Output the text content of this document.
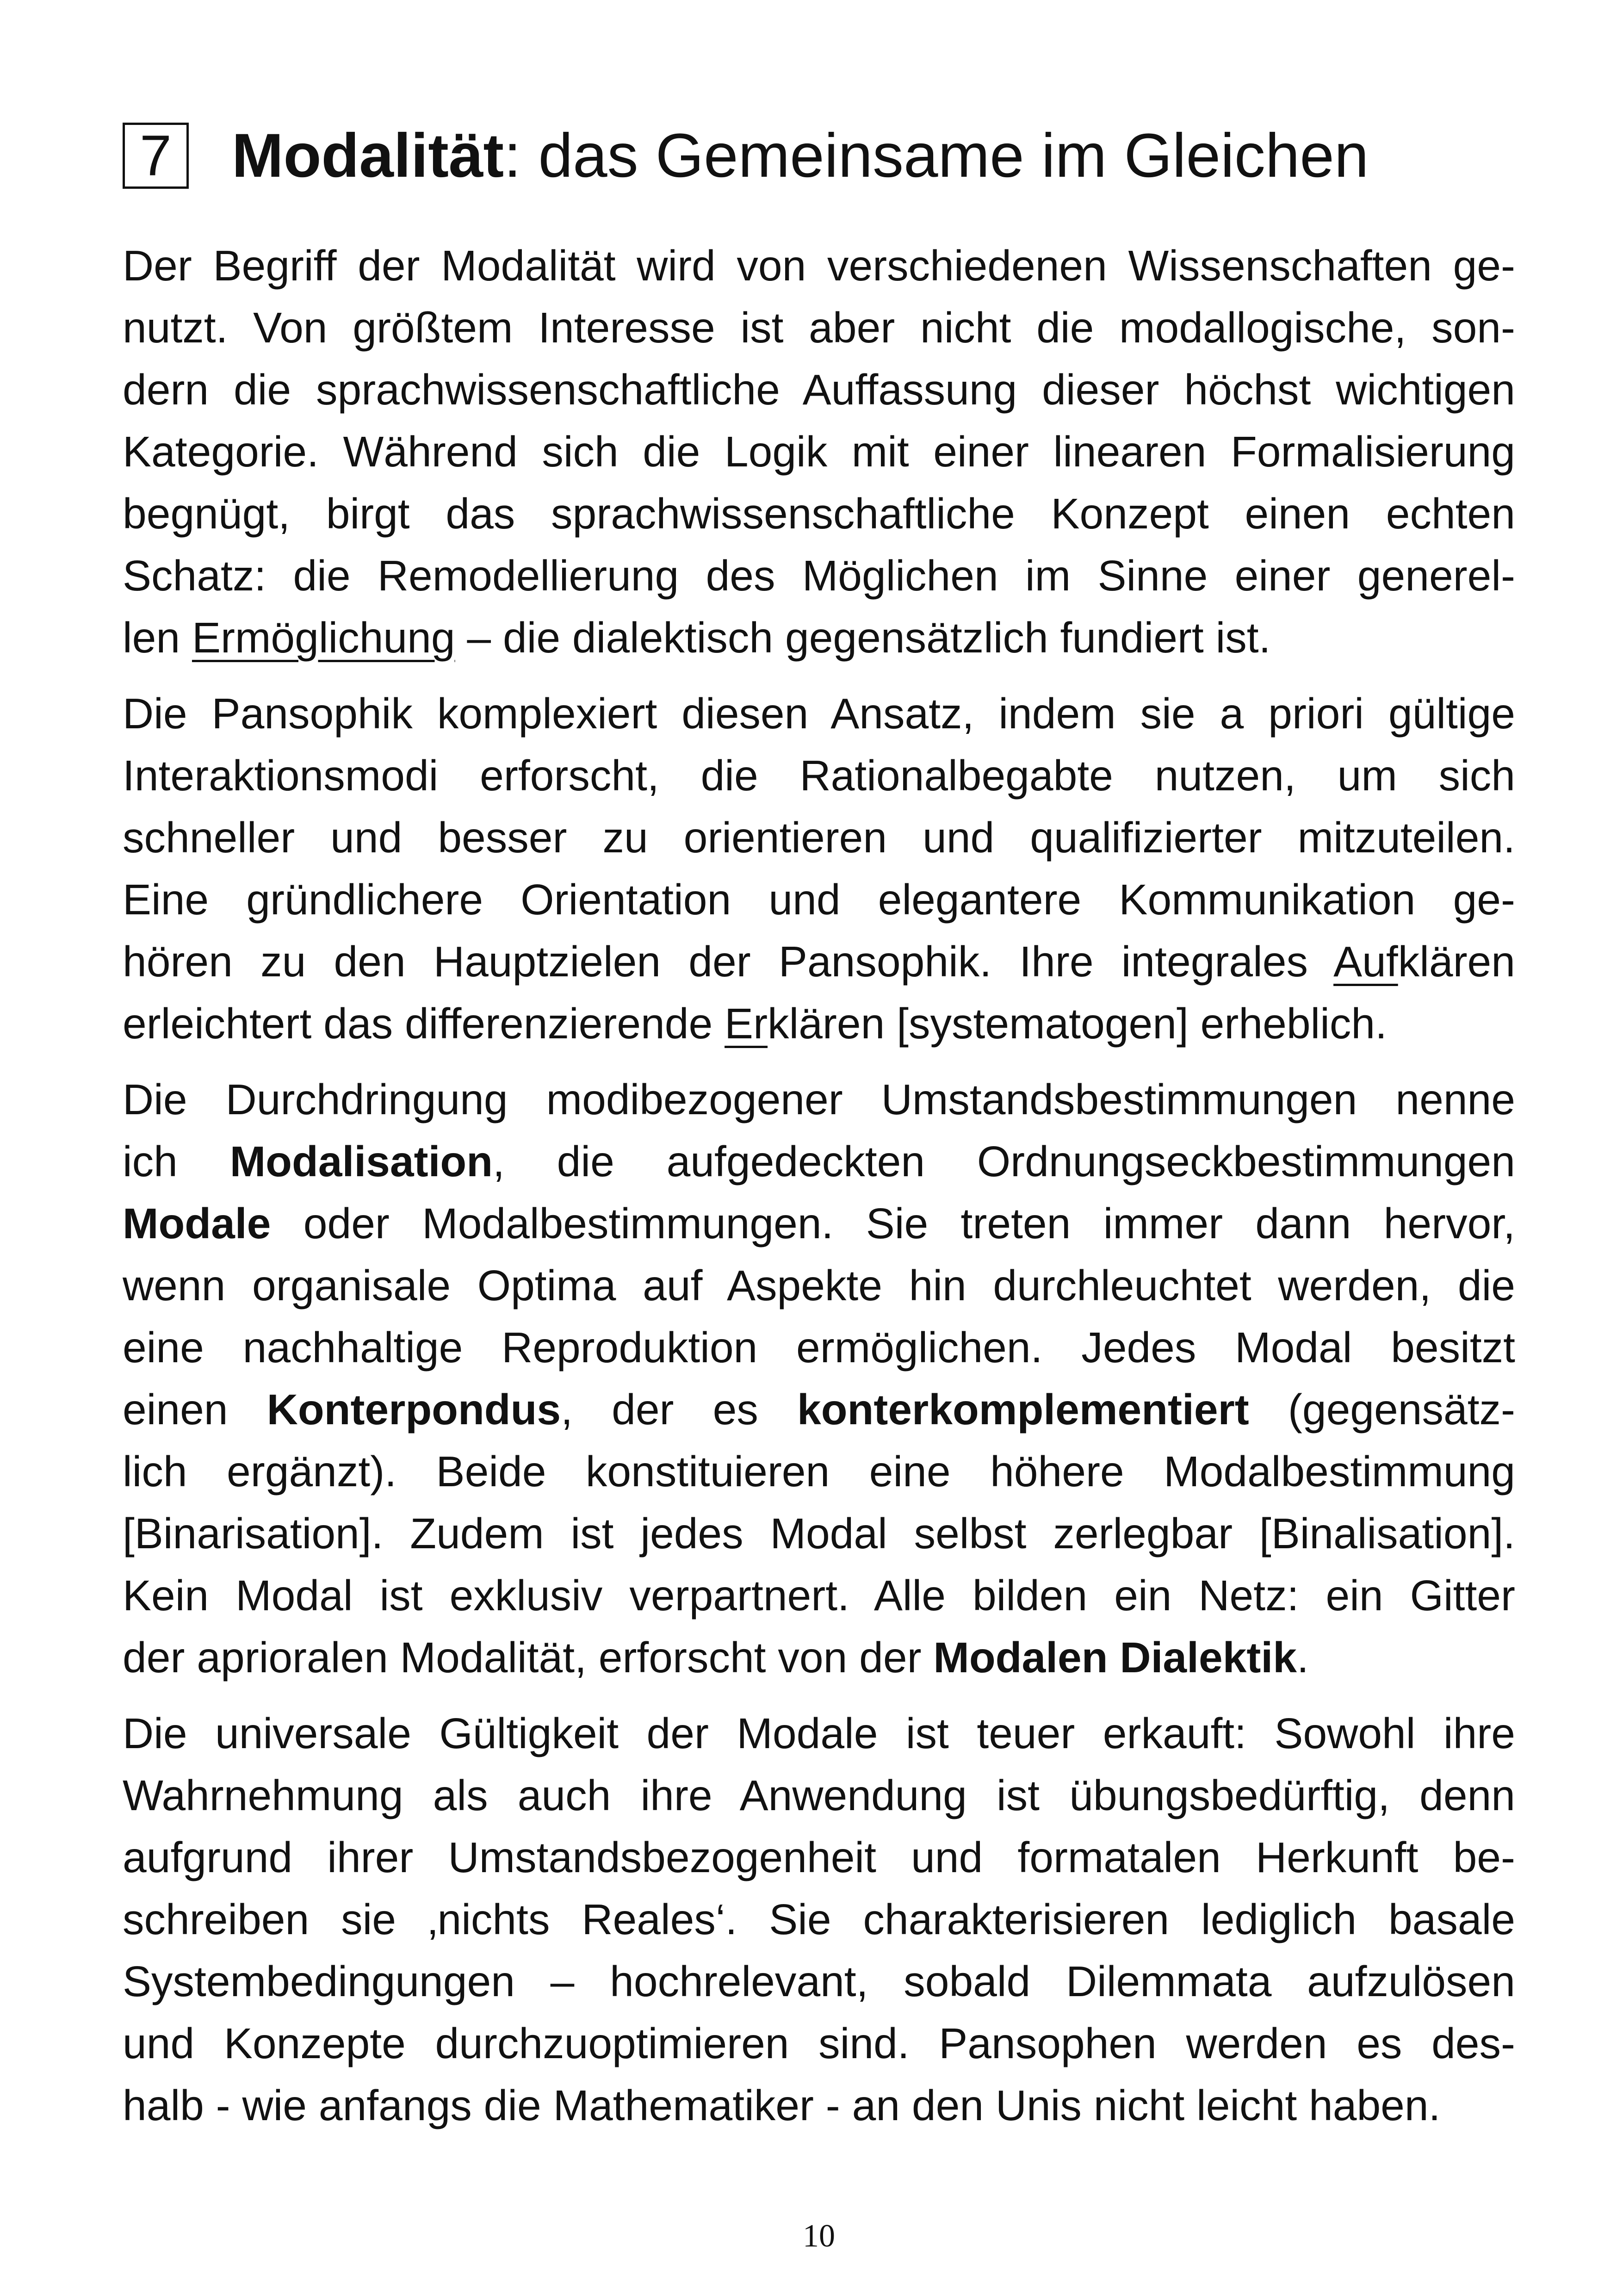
7 Modalität: das Gemeinsame im Gleichen
Der Begriff der Modalität wird von verschiedenen Wissenschaften ge-
nutzt. Von größtem Interesse ist aber nicht die modallogische, son-
dern die sprachwissenschaftliche Auffassung dieser höchst wichtigen
Kategorie. Während sich die Logik mit einer linearen Formalisierung
begnügt, birgt das sprachwissenschaftliche Konzept einen echten
Schatz: die Remodellierung des Möglichen im Sinne einer generel-
len Ermöglichung – die dialektisch gegensätzlich fundiert ist.
Die Pansophik komplexiert diesen Ansatz, indem sie a priori gültige
Interaktionsmodi erforscht, die Rationalbegabte nutzen, um sich
schneller und besser zu orientieren und qualifizierter mitzuteilen.
Eine gründlichere Orientation und elegantere Kommunikation ge-
hören zu den Hauptzielen der Pansophik. Ihre integrales Aufklären
erleichtert das differenzierende Erklären [systematogen] erheblich.
Die Durchdringung modibezogener Umstandsbestimmungen nenne
ich Modalisation, die aufgedeckten Ordnungseckbestimmungen
Modale oder Modalbestimmungen. Sie treten immer dann hervor,
wenn organisale Optima auf Aspekte hin durchleuchtet werden, die
eine nachhaltige Reproduktion ermöglichen. Jedes Modal besitzt
einen Konterpondus, der es konterkomplementiert (gegensätz-
lich ergänzt). Beide konstituieren eine höhere Modalbestimmung
[Binarisation]. Zudem ist jedes Modal selbst zerlegbar [Binalisation].
Kein Modal ist exklusiv verpartnert. Alle bilden ein Netz: ein Gitter
der aprioralen Modalität, erforscht von der Modalen Dialektik.
Die universale Gültigkeit der Modale ist teuer erkauft: Sowohl ihre
Wahrnehmung als auch ihre Anwendung ist übungsbedürftig, denn
aufgrund ihrer Umstandsbezogenheit und formatalen Herkunft be-
schreiben sie ‚nichts Reales‘. Sie charakterisieren lediglich basale
Systembedingungen – hochrelevant, sobald Dilemmata aufzulösen
und Konzepte durchzuoptimieren sind. Pansophen werden es des-
halb - wie anfangs die Mathematiker - an den Unis nicht leicht haben.
10
